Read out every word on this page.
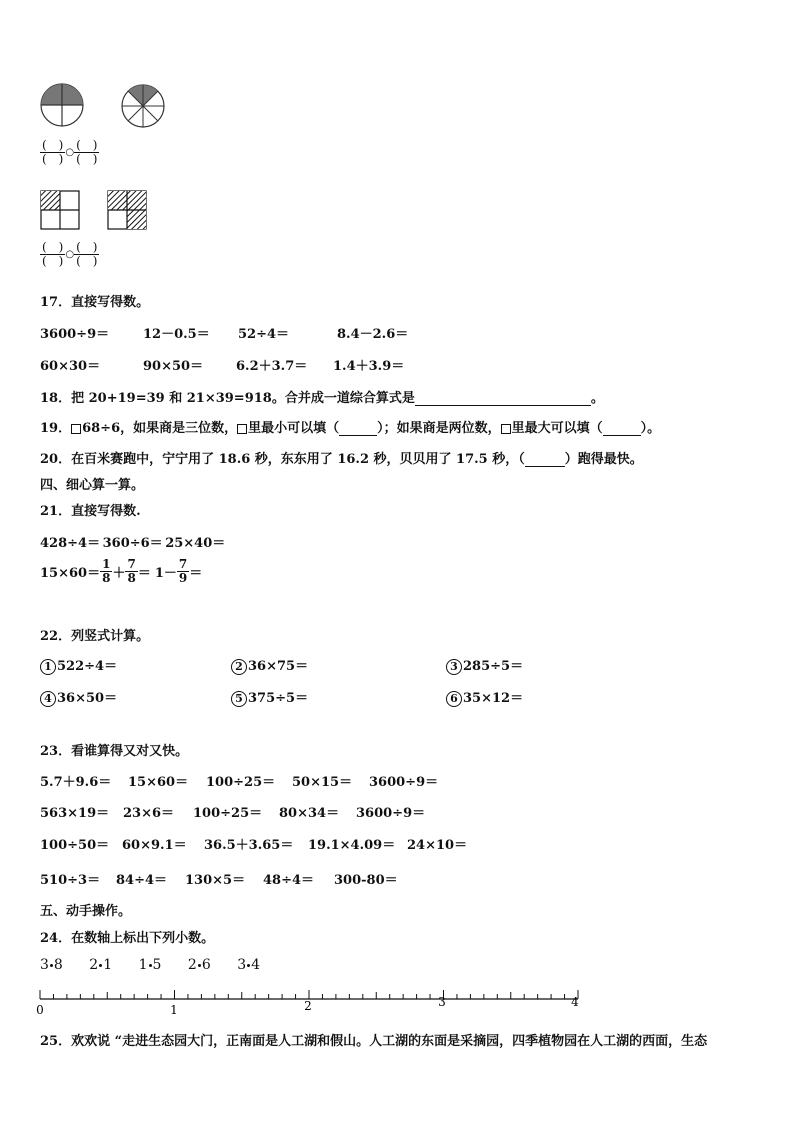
$\frac{( )}{( )}$ ○ $\frac{( )}{( )}$
$\frac{( )}{( )}$ ○ $\frac{( )}{( )}$
17．直接写得数。
3600÷9＝	12－0.5＝ 52÷4＝	8.4－2.6＝
60×30＝	90×50＝	6.2＋3.7＝ 1.4＋3.9＝
18．把 20+19=39 和 21×39=918。合并成一道综合算式是	。
19． 68÷6，如果商是三位数， 里最小可以填（	）；如果商是两位数， 里最大可以填（	）。
20．在百米赛跑中，宁宁用了 18.6 秒，东东用了 16.2 秒，贝贝用了 17.5 秒，（	）跑得最快。
四、细心算一算。
21．直接写得数.
428÷4＝ 360÷6＝ 25×40＝
$15\times 60= \frac{1}{8} + \frac{7}{8} = 1- \frac{7}{9}$ ＝
22．列竖式计算。
1 522÷4＝	2 36×75＝	3 285÷5＝
4 36×50＝	5 375÷5＝	6 35×12＝
23．看谁算得又对又快。
5.7＋9.6＝ 15×60＝ 100÷25＝ 50×15＝ 3600÷9＝
563×19＝ 23×6＝ 100÷25＝ 80×34＝ 3600÷9＝
100÷50＝ 60×9.1＝ 36.5＋3.65＝ 19.1×4.09＝ 24×10＝
510÷3＝ 84÷4＝ 130×5＝ 48÷4＝ 300-80＝
五、动手操作。
24．在数轴上标出下列小数。
3 8 2 1 1 5 2 6 3 4
0	1	2	3	4
25．欢欢说 “走进生态园大门，正南面是人工湖和假山。人工湖的东面是采摘园，四季植物园在人工湖的西面，生态
